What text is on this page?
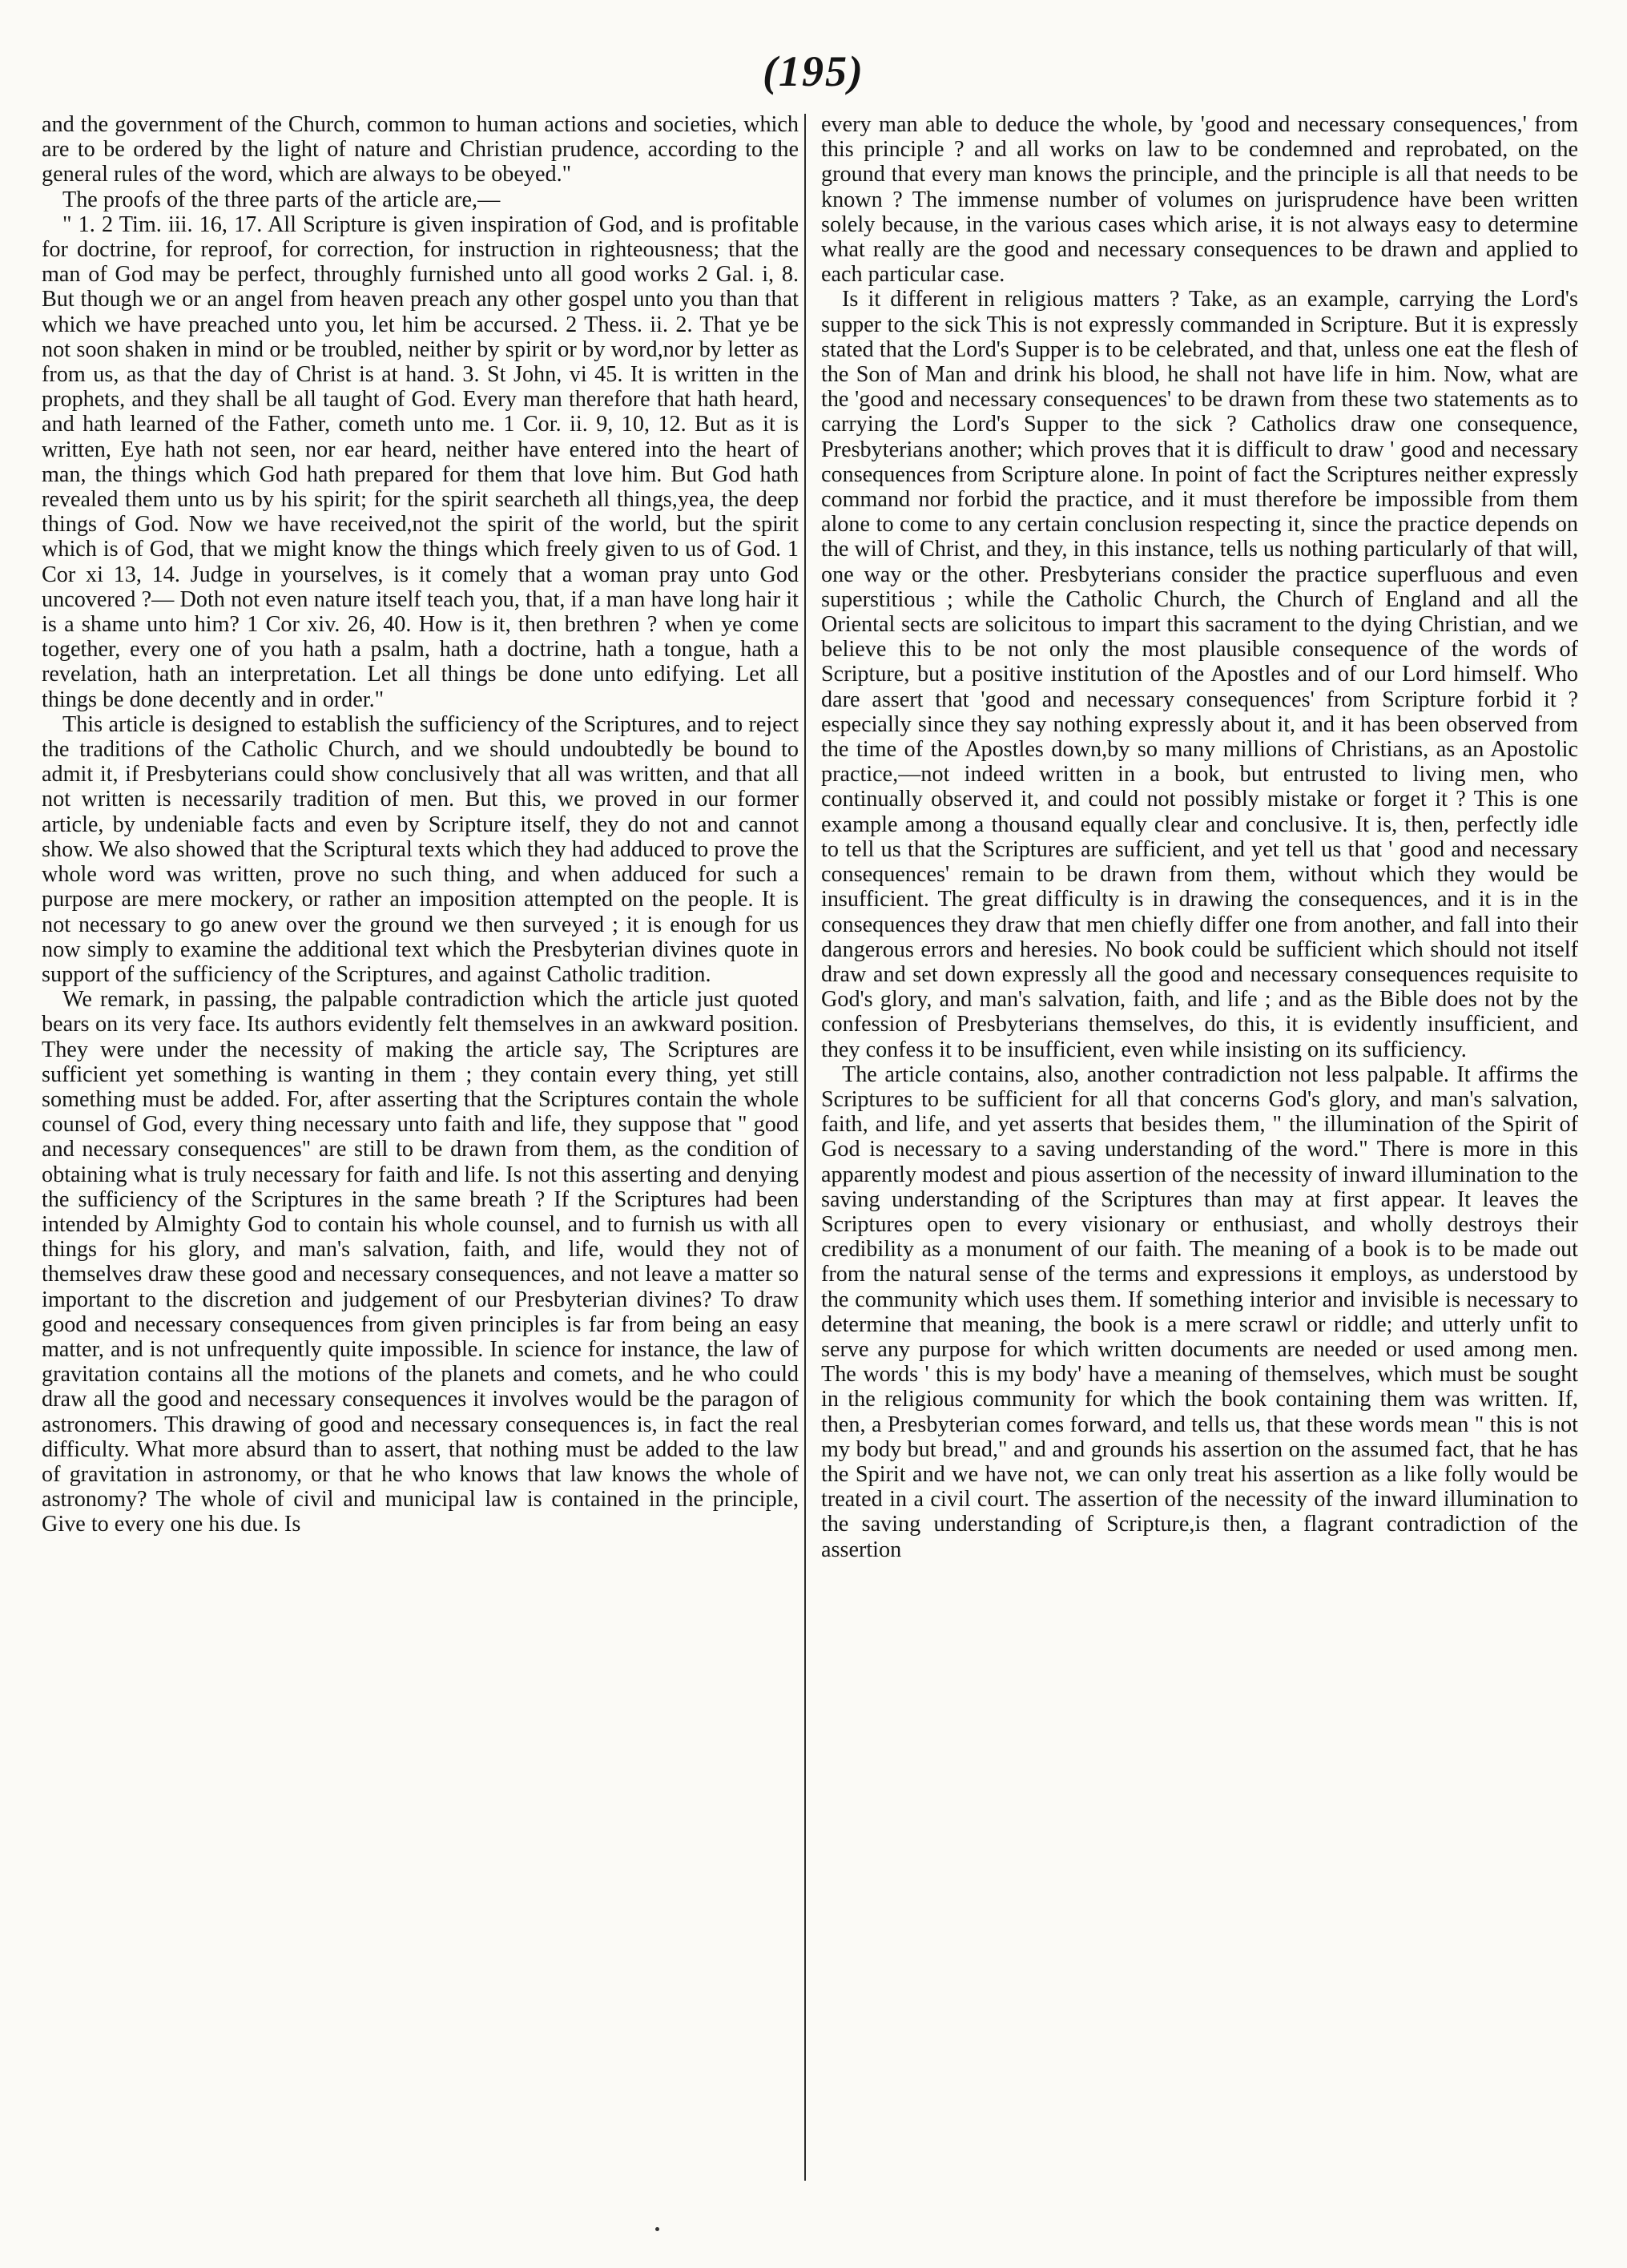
(195)

and the government of the Church, common to human actions and societies, which are to be ordered by the light of nature and Christian prudence, according to the general rules of the word, which are always to be obeyed."

The proofs of the three parts of the article are,—

" 1. 2 Tim. iii. 16, 17. All Scripture is given inspiration of God, and is profitable for doctrine, for reproof, for correction, for instruction in righteousness; that the man of God may be perfect, throughly furnished unto all good works 2 Gal. i, 8. But though we or an angel from heaven preach any other gospel unto you than that which we have preached unto you, let him be accursed. 2 Thess. ii. 2. That ye be not soon shaken in mind or be troubled, neither by spirit or by word,nor by letter as from us, as that the day of Christ is at hand. 3. St John, vi 45. It is written in the prophets, and they shall be all taught of God. Every man therefore that hath heard, and hath learned of the Father, cometh unto me. 1 Cor. ii. 9, 10, 12. But as it is written, Eye hath not seen, nor ear heard, neither have entered into the heart of man, the things which God hath prepared for them that love him. But God hath revealed them unto us by his spirit; for the spirit searcheth all things,yea, the deep things of God. Now we have received,not the spirit of the world, but the spirit which is of God, that we might know the things which freely given to us of God. 1 Cor xi 13, 14. Judge in yourselves, is it comely that a woman pray unto God uncovered ?— Doth not even nature itself teach you, that, if a man have long hair it is a shame unto him? 1 Cor xiv. 26, 40. How is it, then brethren ? when ye come together, every one of you hath a psalm, hath a doctrine, hath a tongue, hath a revelation, hath an interpretation. Let all things be done unto edifying. Let all things be done decently and in order."

This article is designed to establish the sufficiency of the Scriptures, and to reject the traditions of the Catholic Church, and we should undoubtedly be bound to admit it, if Presbyterians could show conclusively that all was written, and that all not written is necessarily tradition of men. But this, we proved in our former article, by undeniable facts and even by Scripture itself, they do not and cannot show. We also showed that the Scriptural texts which they had adduced to prove the whole word was written, prove no such thing, and when adduced for such a purpose are mere mockery, or rather an imposition attempted on the people. It is not necessary to go anew over the ground we then surveyed ; it is enough for us now simply to examine the additional text which the Presbyterian divines quote in support of the sufficiency of the Scriptures, and against Catholic tradition.

We remark, in passing, the palpable contradiction which the article just quoted bears on its very face. Its authors evidently felt themselves in an awkward position. They were under the necessity of making the article say, The Scriptures are sufficient yet something is wanting in them ; they contain every thing, yet still something must be added. For, after asserting that the Scriptures contain the whole counsel of God, every thing necessary unto faith and life, they suppose that " good and necessary consequences" are still to be drawn from them, as the condition of obtaining what is truly necessary for faith and life. Is not this asserting and denying the sufficiency of the Scriptures in the same breath ? If the Scriptures had been intended by Almighty God to contain his whole counsel, and to furnish us with all things for his glory, and man's salvation, faith, and life, would they not of themselves draw these good and necessary consequences, and not leave a matter so important to the discretion and judgement of our Presbyterian divines? To draw good and necessary consequences from given principles is far from being an easy matter, and is not unfrequently quite impossible. In science for instance, the law of gravitation contains all the motions of the planets and comets, and he who could draw all the good and necessary consequences it involves would be the paragon of astronomers. This drawing of good and necessary consequences is, in fact the real difficulty. What more absurd than to assert, that nothing must be added to the law of gravitation in astronomy, or that he who knows that law knows the whole of astronomy? The whole of civil and municipal law is contained in the principle, Give to every one his due. Is

every man able to deduce the whole, by 'good and necessary consequences,' from this principle ? and all works on law to be condemned and reprobated, on the ground that every man knows the principle, and the principle is all that needs to be known ? The immense number of volumes on jurisprudence have been written solely because, in the various cases which arise, it is not always easy to determine what really are the good and necessary consequences to be drawn and applied to each particular case.

Is it different in religious matters ? Take, as an example, carrying the Lord's supper to the sick This is not expressly commanded in Scripture. But it is expressly stated that the Lord's Supper is to be celebrated, and that, unless one eat the flesh of the Son of Man and drink his blood, he shall not have life in him. Now, what are the 'good and necessary consequences' to be drawn from these two statements as to carrying the Lord's Supper to the sick ? Catholics draw one consequence, Presbyterians another; which proves that it is difficult to draw ' good and necessary consequences from Scripture alone. In point of fact the Scriptures neither expressly command nor forbid the practice, and it must therefore be impossible from them alone to come to any certain conclusion respecting it, since the practice depends on the will of Christ, and they, in this instance, tells us nothing particularly of that will, one way or the other. Presbyterians consider the practice superfluous and even superstitious ; while the Catholic Church, the Church of England and all the Oriental sects are solicitous to impart this sacrament to the dying Christian, and we believe this to be not only the most plausible consequence of the words of Scripture, but a positive institution of the Apostles and of our Lord himself. Who dare assert that 'good and necessary consequences' from Scripture forbid it ? especially since they say nothing expressly about it, and it has been observed from the time of the Apostles down,by so many millions of Christians, as an Apostolic practice,—not indeed written in a book, but entrusted to living men, who continually observed it, and could not possibly mistake or forget it ? This is one example among a thousand equally clear and conclusive. It is, then, perfectly idle to tell us that the Scriptures are sufficient, and yet tell us that ' good and necessary consequences' remain to be drawn from them, without which they would be insufficient. The great difficulty is in drawing the consequences, and it is in the consequences they draw that men chiefly differ one from another, and fall into their dangerous errors and heresies. No book could be sufficient which should not itself draw and set down expressly all the good and necessary consequences requisite to God's glory, and man's salvation, faith, and life ; and as the Bible does not by the confession of Presbyterians themselves, do this, it is evidently insufficient, and they confess it to be insufficient, even while insisting on its sufficiency.

The article contains, also, another contradiction not less palpable. It affirms the Scriptures to be sufficient for all that concerns God's glory, and man's salvation, faith, and life, and yet asserts that besides them, " the illumination of the Spirit of God is necessary to a saving understanding of the word." There is more in this apparently modest and pious assertion of the necessity of inward illumination to the saving understanding of the Scriptures than may at first appear. It leaves the Scriptures open to every visionary or enthusiast, and wholly destroys their credibility as a monument of our faith. The meaning of a book is to be made out from the natural sense of the terms and expressions it employs, as understood by the community which uses them. If something interior and invisible is necessary to determine that meaning, the book is a mere scrawl or riddle; and utterly unfit to serve any purpose for which written documents are needed or used among men. The words ' this is my body' have a meaning of themselves, which must be sought in the religious community for which the book containing them was written. If, then, a Presbyterian comes forward, and tells us, that these words mean " this is not my body but bread," and and grounds his assertion on the assumed fact, that he has the Spirit and we have not, we can only treat his assertion as a like folly would be treated in a civil court. The assertion of the necessity of the inward illumination to the saving understanding of Scripture,is then, a flagrant contradiction of the assertion
